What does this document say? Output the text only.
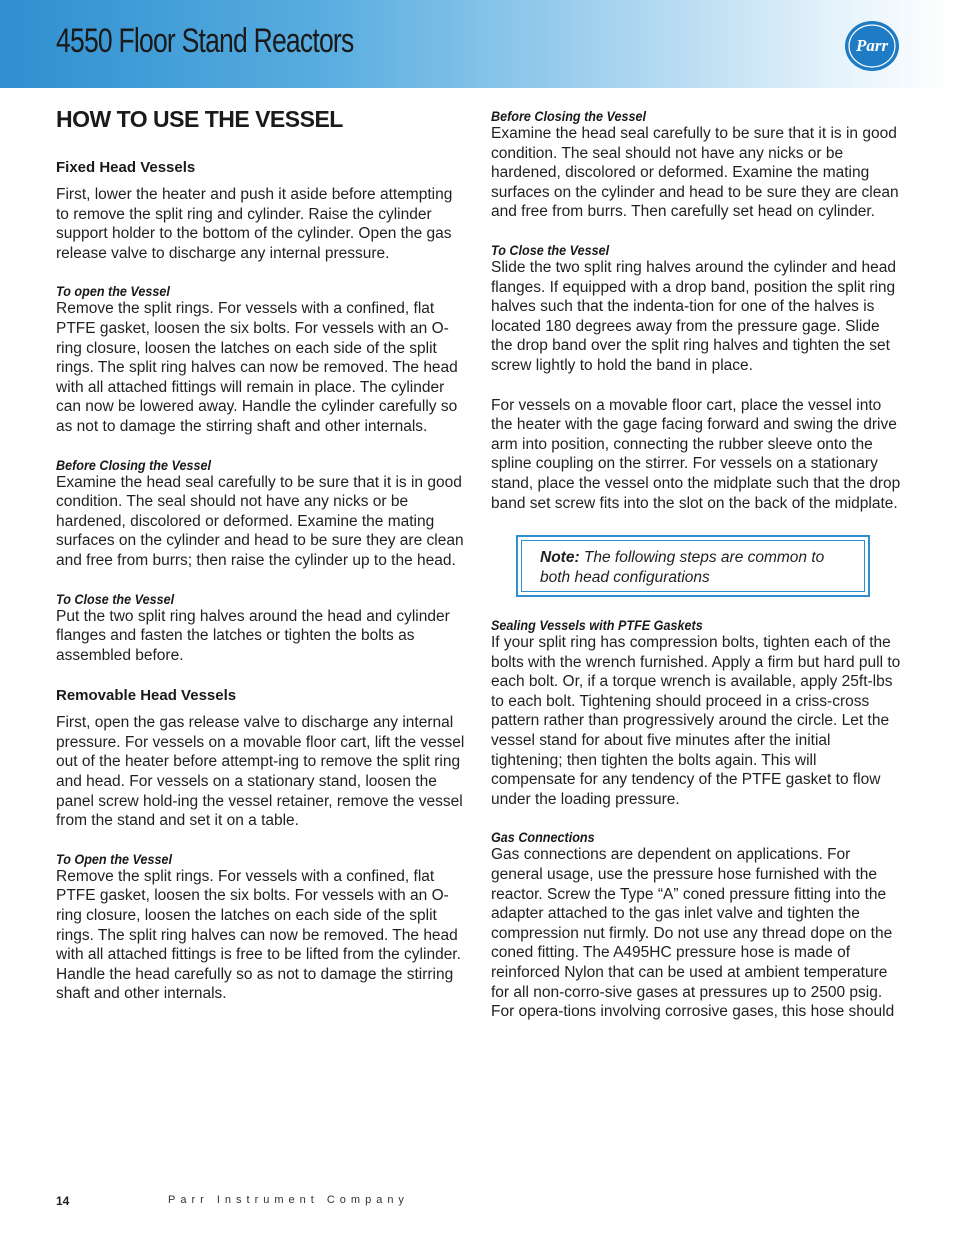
4550 Floor Stand Reactors	Parr
HOW TO USE THE VESSEL
Fixed Head Vessels

First, lower the heater and push it aside before attempting to remove the split ring and cylinder. Raise the cylinder support holder to the bottom of the cylinder. Open the gas release valve to discharge any internal pressure.

To open the Vessel

Remove the split rings. For vessels with a confined, flat PTFE gasket, loosen the six bolts. For vessels with an O-ring closure, loosen the latches on each side of the split rings. The split ring halves can now be removed. The head with all attached fittings will remain in place. The cylinder can now be lowered away. Handle the cylinder carefully so as not to damage the stirring shaft and other internals.

Before Closing the Vessel

Examine the head seal carefully to be sure that it is in good condition. The seal should not have any nicks or be hardened, discolored or deformed. Examine the mating surfaces on the cylinder and head to be sure they are clean and free from burrs; then raise the cylinder up to the head.

To Close the Vessel

Put the two split ring halves around the head and cylinder flanges and fasten the latches or tighten the bolts as assembled before.

Removable Head Vessels

First, open the gas release valve to discharge any internal pressure. For vessels on a movable floor cart, lift the vessel out of the heater before attempt-ing to remove the split ring and head. For vessels on a stationary stand, loosen the panel screw hold-ing the vessel retainer, remove the vessel from the stand and set it on a table.

To Open the Vessel

Remove the split rings. For vessels with a confined, flat PTFE gasket, loosen the six bolts. For vessels with an O-ring closure, loosen the latches on each side of the split rings. The split ring halves can now be removed. The head with all attached fittings is free to be lifted from the cylinder. Handle the head carefully so as not to damage the stirring shaft and other internals.

Before Closing the Vessel

Examine the head seal carefully to be sure that it is in good condition. The seal should not have any nicks or be hardened, discolored or deformed. Examine the mating surfaces on the cylinder and head to be sure they are clean and free from burrs. Then carefully set head on cylinder.

To Close the Vessel

Slide the two split ring halves around the cylinder and head flanges. If equipped with a drop band, position the split ring halves such that the indenta-tion for one of the halves is located 180 degrees away from the pressure gage. Slide the drop band over the split ring halves and tighten the set screw lightly to hold the band in place.

For vessels on a movable floor cart, place the vessel into the heater with the gage facing forward and swing the drive arm into position, connecting the rubber sleeve onto the spline coupling on the stirrer. For vessels on a stationary stand, place the vessel onto the midplate such that the drop band set screw fits into the slot on the back of the midplate.

Note: The following steps are common to both head configurations

Sealing Vessels with PTFE Gaskets

If your split ring has compression bolts, tighten each of the bolts with the wrench furnished. Apply a firm but hard pull to each bolt. Or, if a torque wrench is available, apply 25ft-lbs to each bolt. Tightening should proceed in a criss-cross pattern rather than progressively around the circle. Let the vessel stand for about five minutes after the initial tightening; then tighten the bolts again. This will compensate for any tendency of the PTFE gasket to flow under the loading pressure.

Gas Connections

Gas connections are dependent on applications. For general usage, use the pressure hose furnished with the reactor. Screw the Type “A” coned pressure fitting into the adapter attached to the gas inlet valve and tighten the compression nut firmly. Do not use any thread dope on the coned fitting. The A495HC pressure hose is made of reinforced Nylon that can be used at ambient temperature for all non-corro-sive gases at pressures up to 2500 psig. For opera-tions involving corrosive gases, this hose should

14	Parr Instrument Company
